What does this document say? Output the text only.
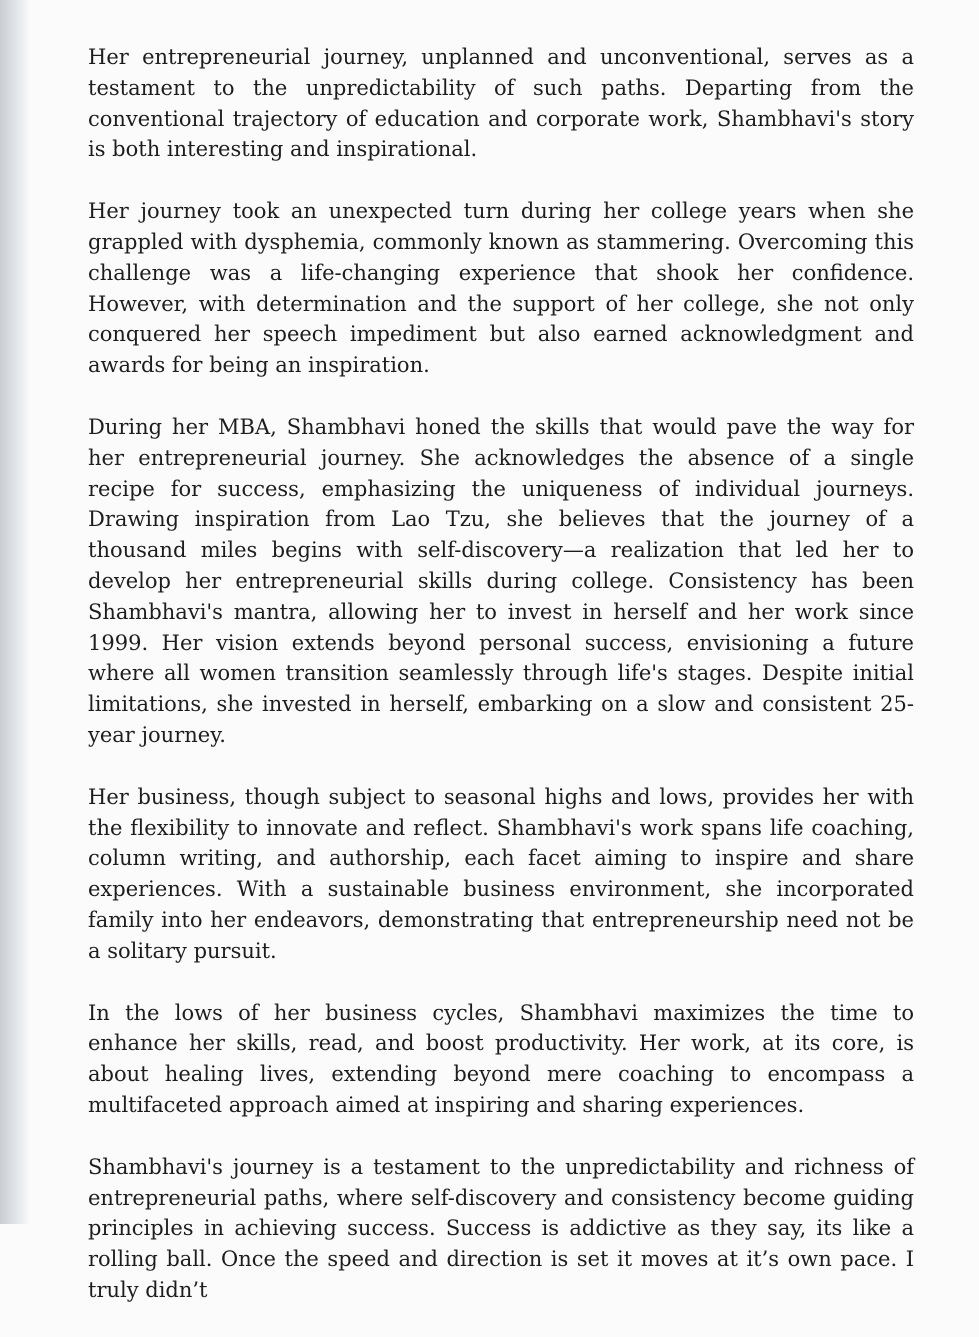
Her entrepreneurial journey, unplanned and unconventional, serves as a testament to the unpredictability of such paths. Departing from the conventional trajectory of education and corporate work, Shambhavi's story is both interesting and inspirational.

Her journey took an unexpected turn during her college years when she grappled with dysphemia, commonly known as stammering. Overcoming this challenge was a life-changing experience that shook her confidence. However, with determination and the support of her college, she not only conquered her speech impediment but also earned acknowledgment and awards for being an inspiration.

During her MBA, Shambhavi honed the skills that would pave the way for her entrepreneurial journey. She acknowledges the absence of a single recipe for success, emphasizing the uniqueness of individual journeys. Drawing inspiration from Lao Tzu, she believes that the journey of a thousand miles begins with self-discovery—a realization that led her to develop her entrepreneurial skills during college. Consistency has been Shambhavi's mantra, allowing her to invest in herself and her work since 1999. Her vision extends beyond personal success, envisioning a future where all women transition seamlessly through life's stages. Despite initial limitations, she invested in herself, embarking on a slow and consistent 25-year journey.

Her business, though subject to seasonal highs and lows, provides her with the flexibility to innovate and reflect. Shambhavi's work spans life coaching, column writing, and authorship, each facet aiming to inspire and share experiences. With a sustainable business environment, she incorporated family into her endeavors, demonstrating that entrepreneurship need not be a solitary pursuit.

In the lows of her business cycles, Shambhavi maximizes the time to enhance her skills, read, and boost productivity. Her work, at its core, is about healing lives, extending beyond mere coaching to encompass a multifaceted approach aimed at inspiring and sharing experiences.

Shambhavi's journey is a testament to the unpredictability and richness of entrepreneurial paths, where self-discovery and consistency become guiding principles in achieving success. Success is addictive as they say, its like a rolling ball. Once the speed and direction is set it moves at it’s own pace. I truly didn’t
